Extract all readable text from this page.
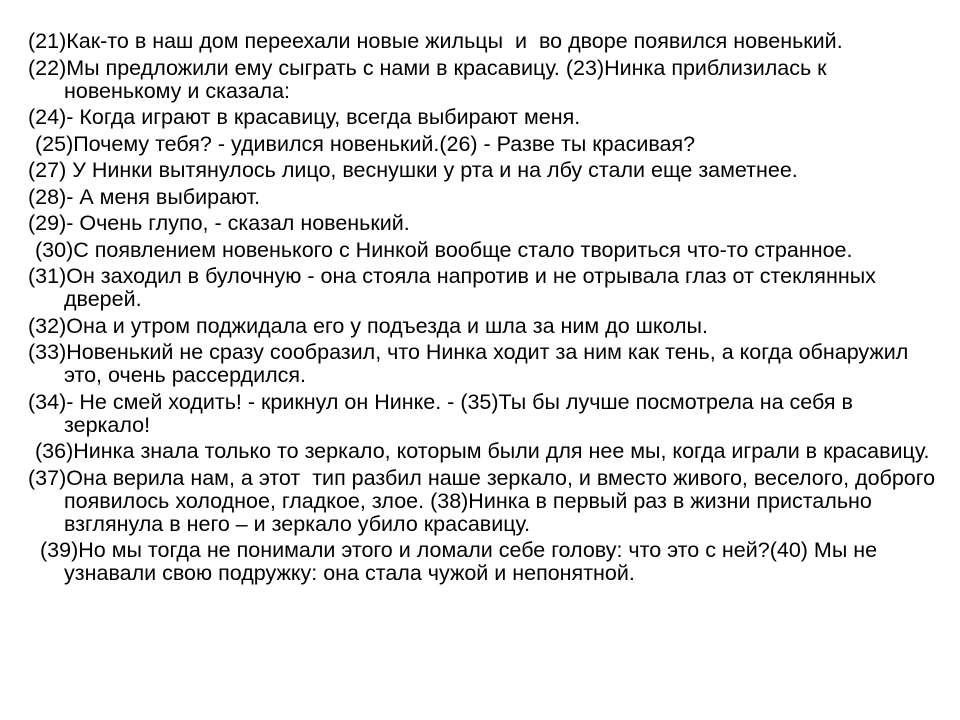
(21)Как-то в наш дом переехали новые жильцы  и  во дворе появился новенький.

(22)Мы предложили ему сыграть с нами в красавицу. (23)Нинка приблизилась к новенькому и сказала:

(24)- Когда играют в красавицу, всегда выбирают меня.

(25)Почему тебя? - удивился новенький.(26) - Разве ты красивая?

(27) У Нинки вытянулось лицо, веснушки у рта и на лбу стали еще заметнее.

(28)- А меня выбирают.

(29)- Очень глупо, - сказал новенький.

(30)С появлением новенького с Нинкой вообще стало твориться что-то странное.

(31)Он заходил в булочную - она стояла напротив и не отрывала глаз от стеклянных дверей.

(32)Она и утром поджидала его у подъезда и шла за ним до школы.

(33)Новенький не сразу сообразил, что Нинка ходит за ним как тень, а когда обнаружил это, очень рассердился.

(34)- Не смей ходить! - крикнул он Нинке. - (35)Ты бы лучше посмотрела на себя в зеркало!

(36)Нинка знала только то зеркало, которым были для нее мы, когда играли в красавицу.

(37)Она верила нам, а этот  тип разбил наше зеркало, и вместо живого, веселого, доброго появилось холодное, гладкое, злое. (38)Нинка в первый раз в жизни пристально взглянула в него – и зеркало убило красавицу.

(39)Но мы тогда не понимали этого и ломали себе голову: что это с ней?(40) Мы не узнавали свою подружку: она стала чужой и непонятной.
